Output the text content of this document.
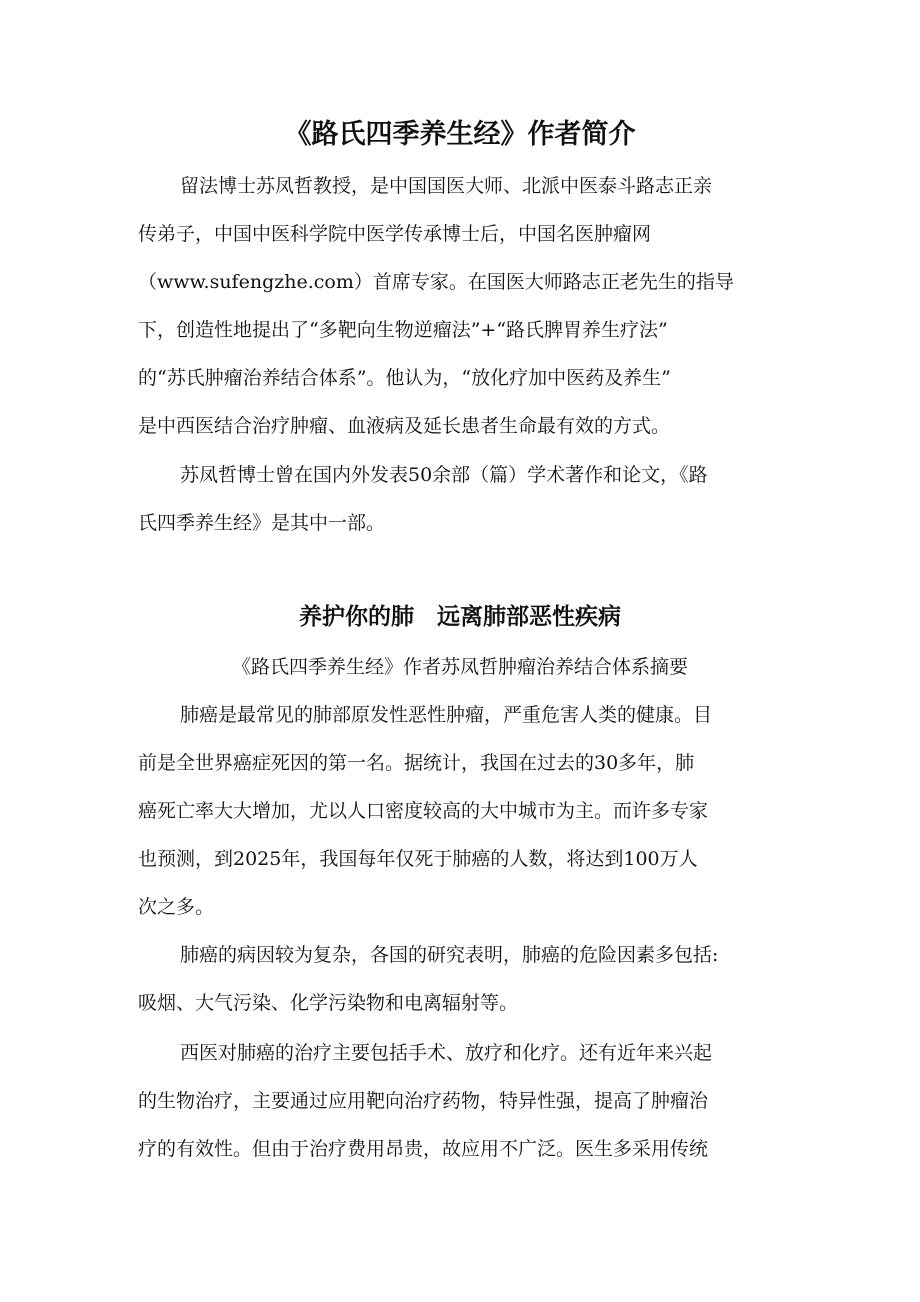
《路氏四季养生经》作者简介
留法博士苏凤哲教授，是中国国医大师、北派中医泰斗路志正亲
传弟子，中国中医科学院中医学传承博士后，中国名医肿瘤网
（www.sufengzhe.com）首席专家。在国医大师路志正老先生的指导
下，创造性地提出了“多靶向生物逆瘤法”+“路氏脾胃养生疗法”
的“苏氏肿瘤治养结合体系”。他认为，“放化疗加中医药及养生”
是中西医结合治疗肿瘤、血液病及延长患者生命最有效的方式。
苏凤哲博士曾在国内外发表50余部（篇）学术著作和论文，《路
氏四季养生经》是其中一部。
养护你的肺　远离肺部恶性疾病
《路氏四季养生经》作者苏凤哲肿瘤治养结合体系摘要
肺癌是最常见的肺部原发性恶性肿瘤，严重危害人类的健康。目
前是全世界癌症死因的第一名。据统计，我国在过去的30多年，肺
癌死亡率大大增加，尤以人口密度较高的大中城市为主。而许多专家
也预测，到2025年，我国每年仅死于肺癌的人数，将达到100万人
次之多。
肺癌的病因较为复杂，各国的研究表明，肺癌的危险因素多包括:
吸烟、大气污染、化学污染物和电离辐射等。
西医对肺癌的治疗主要包括手术、放疗和化疗。还有近年来兴起
的生物治疗，主要通过应用靶向治疗药物，特异性强，提高了肿瘤治
疗的有效性。但由于治疗费用昂贵，故应用不广泛。医生多采用传统
